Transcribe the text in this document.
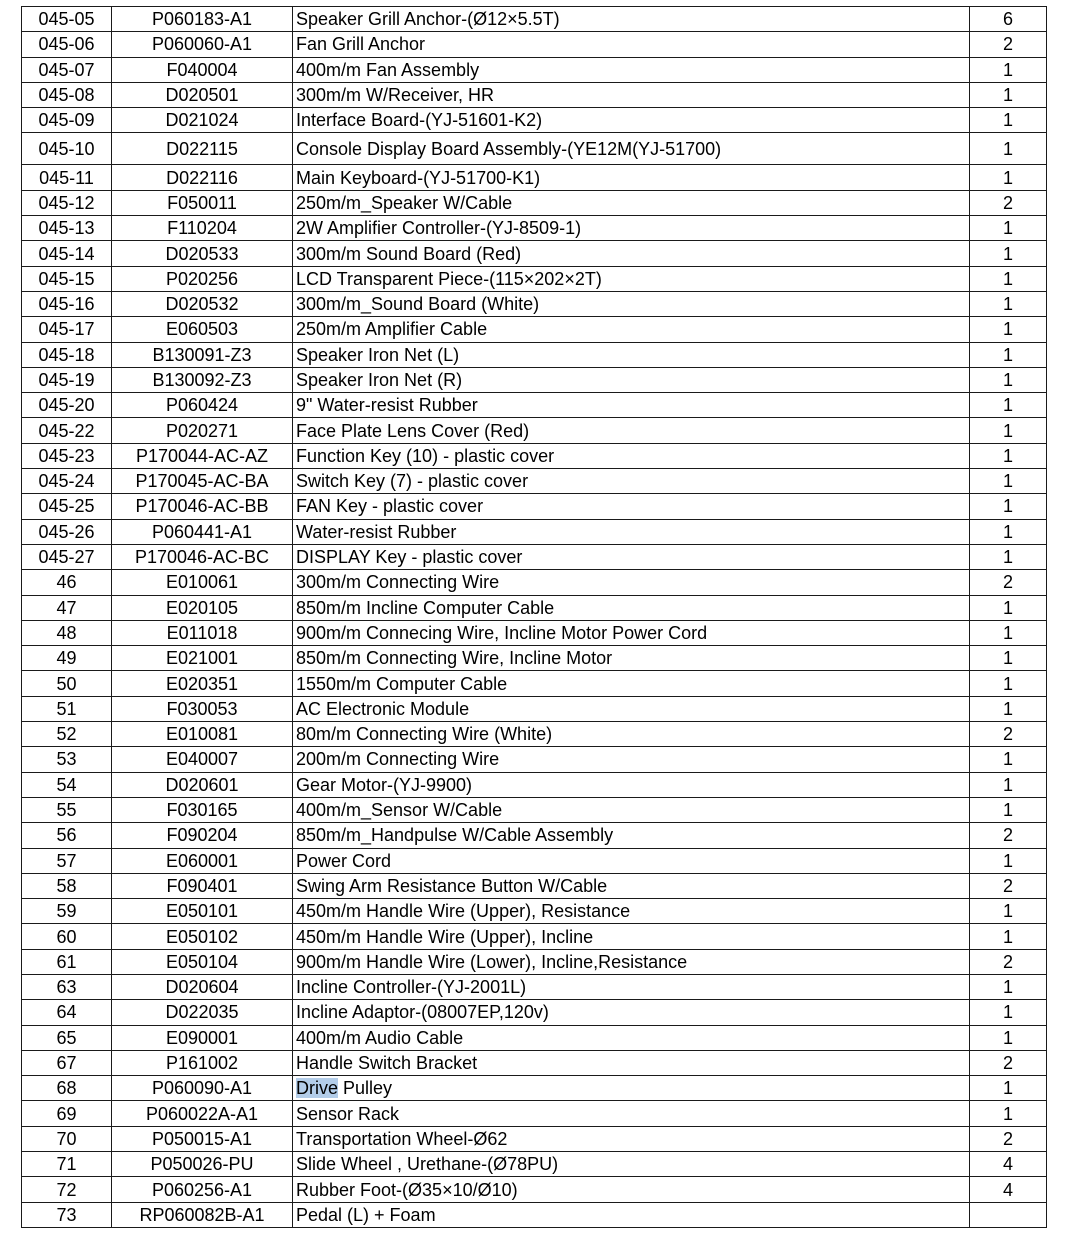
045-05	P060183-A1	Speaker Grill Anchor-(Ø12×5.5T)	6
045-06	P060060-A1	Fan Grill Anchor	2
045-07	F040004	400m/m Fan Assembly	1
045-08	D020501	300m/m W/Receiver, HR	1
045-09	D021024	Interface Board-(YJ-51601-K2)	1
045-10	D022115	Console Display Board Assembly-(YE12M(YJ-51700)	1
045-11	D022116	Main Keyboard-(YJ-51700-K1)	1
045-12	F050011	250m/m_Speaker W/Cable	2
045-13	F110204	2W Amplifier Controller-(YJ-8509-1)	1
045-14	D020533	300m/m Sound Board (Red)	1
045-15	P020256	LCD Transparent Piece-(115×202×2T)	1
045-16	D020532	300m/m_Sound Board (White)	1
045-17	E060503	250m/m Amplifier Cable	1
045-18	B130091-Z3	Speaker Iron Net (L)	1
045-19	B130092-Z3	Speaker Iron Net (R)	1
045-20	P060424	9" Water-resist Rubber	1
045-22	P020271	Face Plate Lens Cover (Red)	1
045-23	P170044-AC-AZ	Function Key (10) - plastic cover	1
045-24	P170045-AC-BA	Switch Key (7) - plastic cover	1
045-25	P170046-AC-BB	FAN Key - plastic cover	1
045-26	P060441-A1	Water-resist Rubber	1
045-27	P170046-AC-BC	DISPLAY Key - plastic cover	1
46	E010061	300m/m Connecting Wire	2
47	E020105	850m/m Incline Computer Cable	1
48	E011018	900m/m Connecing Wire, Incline Motor Power Cord	1
49	E021001	850m/m Connecting Wire, Incline Motor	1
50	E020351	1550m/m Computer Cable	1
51	F030053	AC Electronic Module	1
52	E010081	80m/m Connecting Wire (White)	2
53	E040007	200m/m Connecting Wire	1
54	D020601	Gear Motor-(YJ-9900)	1
55	F030165	400m/m_Sensor W/Cable	1
56	F090204	850m/m_Handpulse W/Cable Assembly	2
57	E060001	Power Cord	1
58	F090401	Swing Arm Resistance Button W/Cable	2
59	E050101	450m/m Handle Wire (Upper), Resistance	1
60	E050102	450m/m Handle Wire (Upper), Incline	1
61	E050104	900m/m Handle Wire (Lower), Incline,Resistance	2
63	D020604	Incline Controller-(YJ-2001L)	1
64	D022035	Incline Adaptor-(08007EP,120v)	1
65	E090001	400m/m Audio Cable	1
67	P161002	Handle Switch Bracket	2
68	P060090-A1	Drive Pulley	1
69	P060022A-A1	Sensor Rack	1
70	P050015-A1	Transportation Wheel-Ø62	2
71	P050026-PU	Slide Wheel , Urethane-(Ø78PU)	4
72	P060256-A1	Rubber Foot-(Ø35×10/Ø10)	4
73	RP060082B-A1	Pedal (L) + Foam	
